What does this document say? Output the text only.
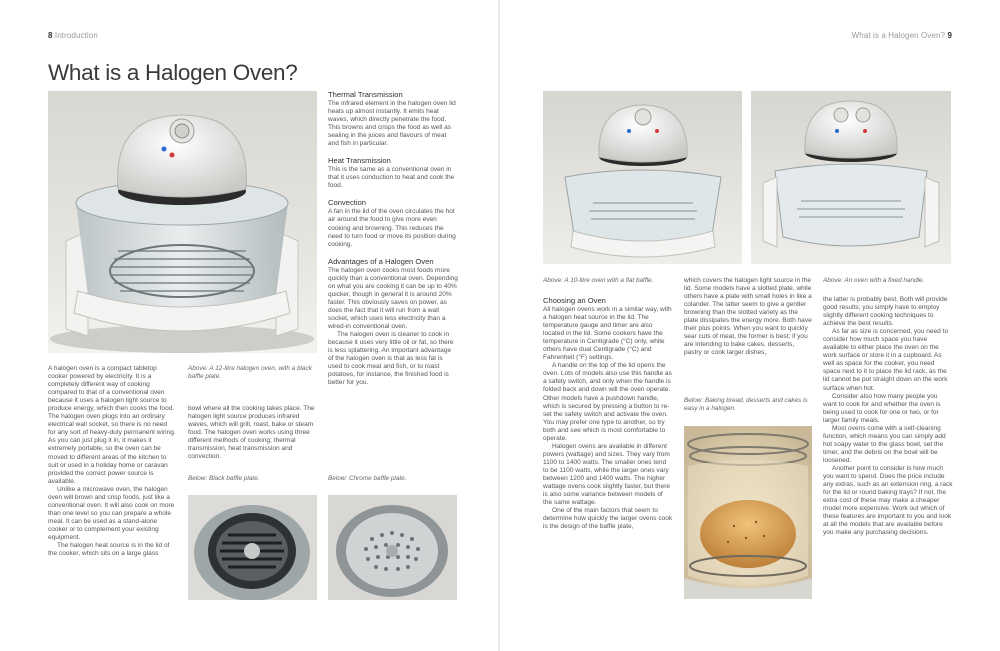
8 Introduction
What is a Halogen Oven?
Above: A 12-litre halogen oven, with a black baffle plate.

A halogen oven is a compact tabletop cooker powered by electricity. It is a completely different way of cooking compared to that of a conventional oven because it uses a halogen light source to produce energy, which then cooks the food. The halogen oven plugs into an ordinary electrical wall socket, so there is no need for any sort of heavy-duty permanent wiring. As you can just plug it in, it makes it extremely portable, so the oven can be moved to different areas of the kitchen to suit or used in a holiday home or caravan provided the correct power source is available.

Unlike a microwave oven, the halogen oven will brown and crisp foods, just like a conventional oven. It will also cook on more than one level so you can prepare a whole meal. It can be used as a stand-alone cooker or to complement your existing equipment.

The halogen heat source is in the lid of the cooker, which sits on a large glass

bowl where all the cooking takes place. The halogen light source produces infrared waves, which will grill, roast, bake or steam food. The halogen oven works using three different methods of cooking; thermal transmission, heat transmission and convection.

Below: Black baffle plate.
Thermal Transmission

The infrared element in the halogen oven lid heats up almost instantly. It emits heat waves, which directly penetrate the food. This browns and crisps the food as well as sealing in the juices and flavours of meat and fish in particular.

Heat Transmission

This is the same as a conventional oven in that it uses conduction to heat and cook the food.

Convection

A fan in the lid of the oven circulates the hot air around the food to give more even cooking and browning. This reduces the need to turn food or move its position during cooking.

Advantages of a Halogen Oven

The halogen oven cooks most foods more quickly than a conventional oven. Depending on what you are cooking it can be up to 40% quicker, though in general it is around 20% faster. This obviously saves on power, as does the fact that it will run from a wall socket, which uses less electricity than a wired-in conventional oven.

The halogen oven is cleaner to cook in because it uses very little oil or fat, so there is less splattering. An important advantage of the halogen oven is that as less fat is used to cook meat and fish, or to roast potatoes, for instance, the finished food is better for you.

Below: Chrome baffle plate.
What is a Halogen Oven? 9
Above: A 10-litre oven with a flat baffle.	Above: An oven with a fixed handle.
Choosing an Oven

All halogen ovens work in a similar way, with a halogen heat source in the lid. The temperature gauge and timer are also located in the lid. Some cookers have the temperature in Centigrade (°C) only, while others have dual Centigrade (°C) and Fahrenheit (°F) settings.

A handle on the top of the lid opens the oven. Lots of models also use this handle as a safety switch, and only when the handle is folded back and down will the oven operate. Other models have a pushdown handle, which is secured by pressing a button to re-set the safety switch and activate the oven. You may prefer one type to another, so try both and see which is most comfortable to operate.

Halogen ovens are available in different powers (wattage) and sizes. They vary from 1100 to 1400 watts. The smaller ones tend to be 1100 watts, while the larger ones vary between 1200 and 1400 watts. The higher wattage ovens cook slightly faster, but there is also some variance between models of the same wattage.

One of the main factors that seem to determine how quickly the larger ovens cook is the design of the baffle plate,

which covers the halogen light source in the lid. Some models have a slotted plate, while others have a plate with small holes in like a colander. The latter seem to give a gentler browning than the slotted variety as the plate dissipates the energy more. Both have their plus points. When you want to quickly sear cuts of meat, the former is best; if you are intending to bake cakes, desserts, pastry or cook larger dishes,

Below: Baking bread, desserts and cakes is easy in a halogen.

the latter is probably best. Both will provide good results; you simply have to employ slightly different cooking techniques to achieve the best results.

As far as size is concerned, you need to consider how much space you have available to either place the oven on the work surface or store it in a cupboard. As well as space for the cooker, you need space next to it to place the lid rack, as the lid cannot be put straight down on the work surface when hot.

Consider also how many people you want to cook for and whether the oven is being used to cook for one or two, or for larger family meals.

Most ovens come with a self-cleaning function, which means you can simply add hot soapy water to the glass bowl, set the timer, and the debris on the bowl will be loosened.

Another point to consider is how much you want to spend. Does the price include any extras, such as an extension ring, a rack for the lid or round baking trays? If not, the extra cost of these may make a cheaper model more expensive. Work out which of these features are important to you and look at all the models that are available before you make any purchasing decisions.
